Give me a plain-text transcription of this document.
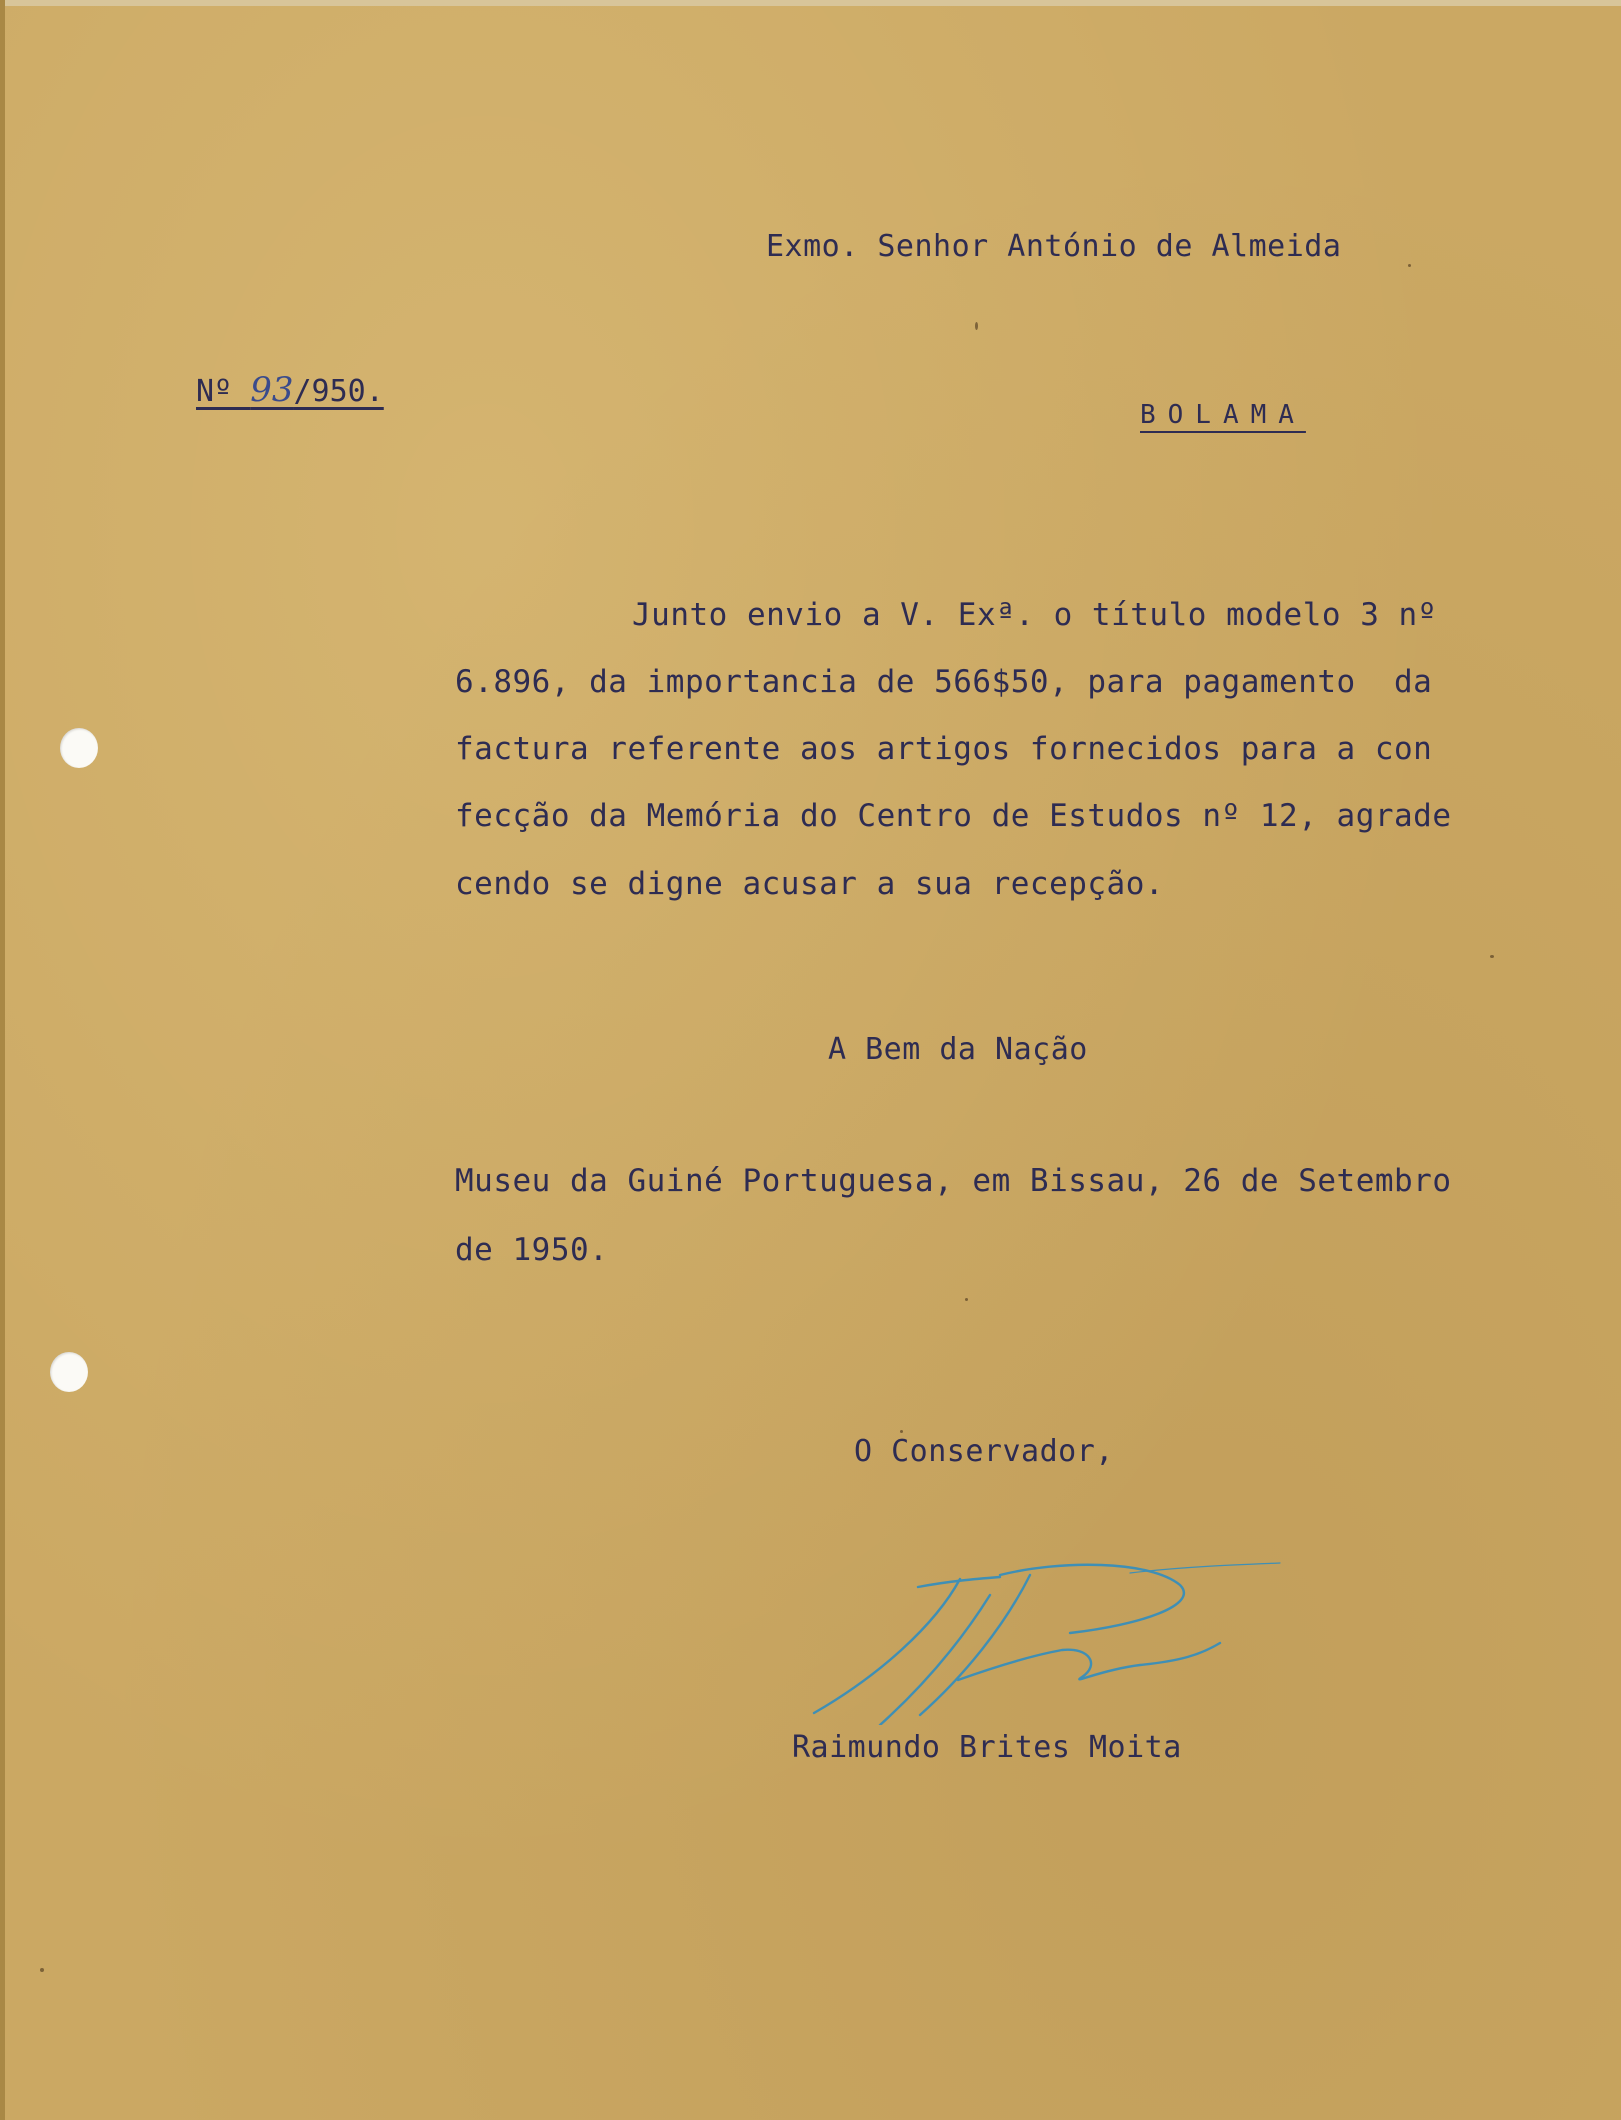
Exmo. Senhor António de Almeida
Nº 93/950.
BOLAMA
Junto envio a V. Exª. o título modelo 3 nº
6.896, da importancia de 566$50, para pagamento  da
factura referente aos artigos fornecidos para a con
fecção da Memória do Centro de Estudos nº 12, agrade
cendo se digne acusar a sua recepção.
A Bem da Nação
Museu da Guiné Portuguesa, em Bissau, 26 de Setembro
de 1950.
O Conservador,
Raimundo Brites Moita
